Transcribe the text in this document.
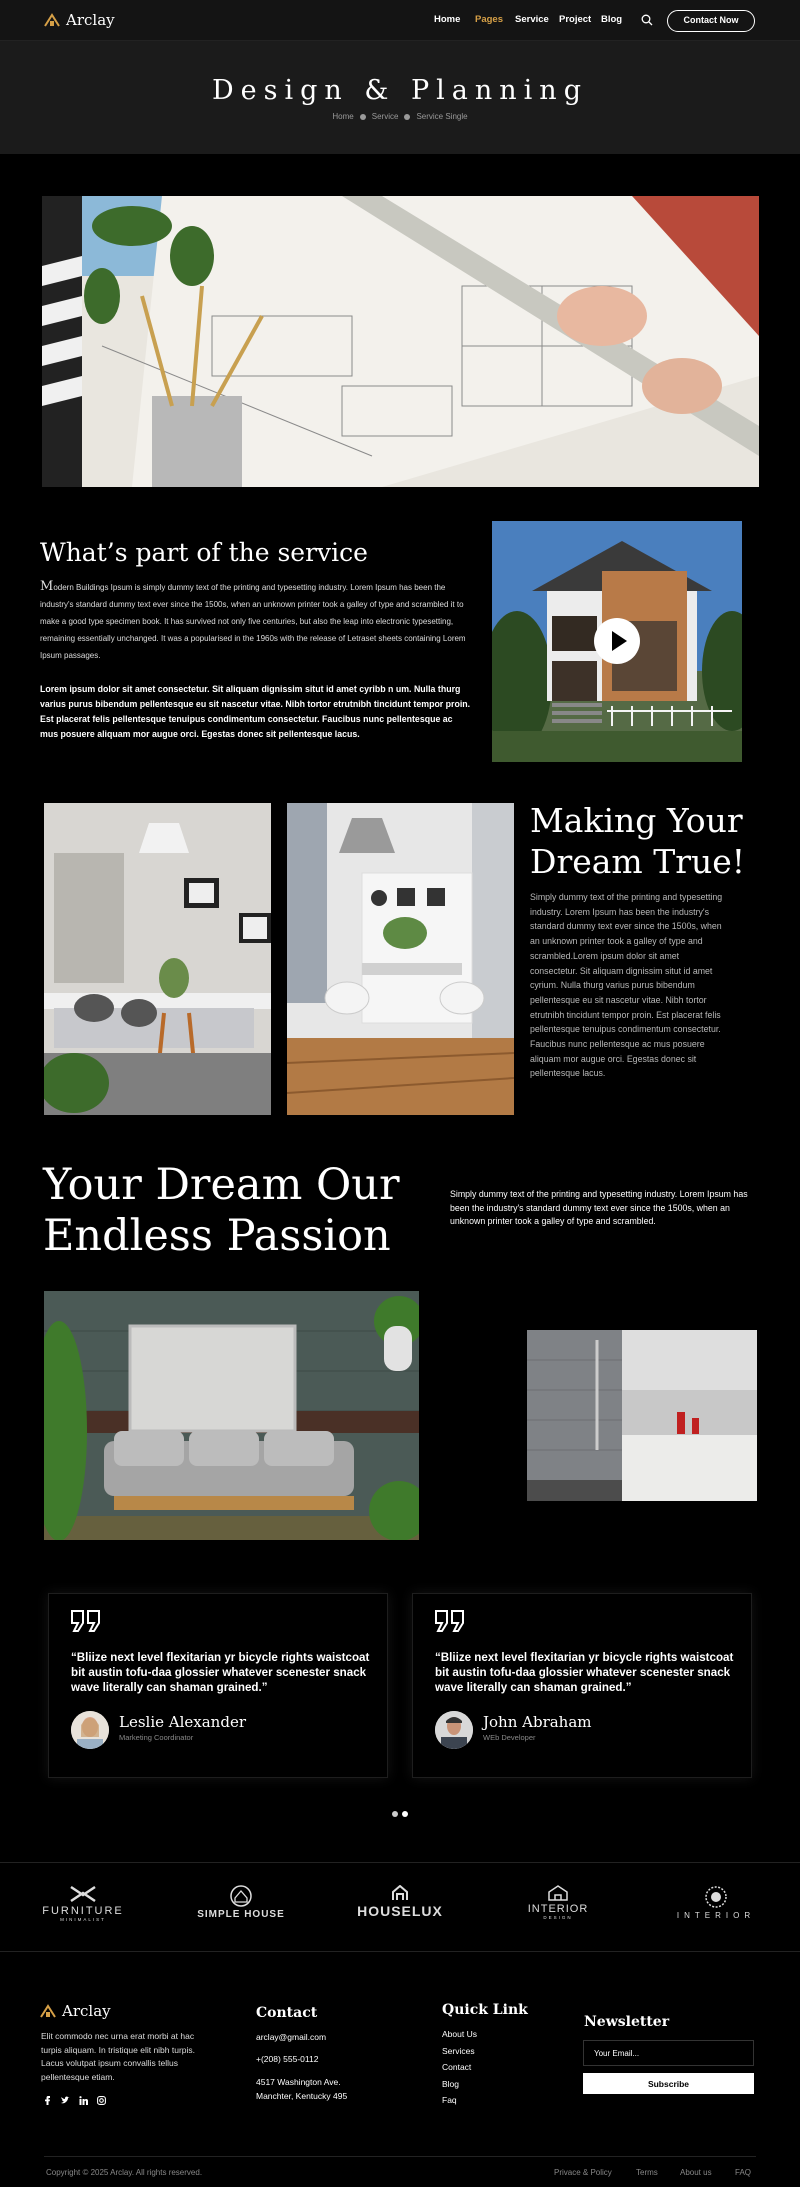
Arclay	Home	Pages	Service	Project	Blog	Contact Now
Design & Planning
Home Service Service Single
What’s part of the service

Modern Buildings Ipsum is simply dummy text of the printing and typesetting industry. Lorem Ipsum has been the industry's standard dummy text ever since the 1500s, when an unknown printer took a galley of type and scrambled it to make a good type specimen book. It has survived not only five centuries, but also the leap into electronic typesetting, remaining essentially unchanged. It was a popularised in the 1960s with the release of Letraset sheets containing Lorem Ipsum passages.

Lorem ipsum dolor sit amet consectetur. Sit aliquam dignissim situt id amet cyribb n um. Nulla thurg varius purus bibendum pellentesque eu sit nascetur vitae. Nibh tortor etrutnibh tincidunt tempor proin. Est placerat felis pellentesque tenuipus condimentum consectetur. Faucibus nunc pellentesque ac mus posuere aliquam mor augue orci. Egestas donec sit pellentesque lacus.

Making Your
Dream True!

Simply dummy text of the printing and typesetting industry. Lorem Ipsum has been the industry's standard dummy text ever since the 1500s, when an unknown printer took a galley of type and scrambled.Lorem ipsum dolor sit amet consectetur. Sit aliquam dignissim situt id amet cyrium. Nulla thurg varius purus bibendum pellentesque eu sit nascetur vitae. Nibh tortor etrutnibh tincidunt tempor proin. Est placerat felis pellentesque tenuipus condimentum consectetur. Faucibus nunc pellentesque ac mus posuere aliquam mor augue orci. Egestas donec sit pellentesque lacus.

Your Dream Our
Endless Passion

Simply dummy text of the printing and typesetting industry. Lorem Ipsum has been the industry's standard dummy text ever since the 1500s, when an unknown printer took a galley of type and scrambled.

“Bliize next level flexitarian yr bicycle rights waistcoat bit austin tofu-daa glossier whatever scenester snack wave literally can shaman grained.”

Leslie Alexander
Marketing Coordinator

“Bliize next level flexitarian yr bicycle rights waistcoat bit austin tofu-daa glossier whatever scenester snack wave literally can shaman grained.”

John Abraham
WEb Developer
FURNITURE
MINIMALIST	SIMPLE HOUSE	HOUSELUX	INTERIOR
DESIGN	INTERIOR
Arclay

Elit commodo nec urna erat morbi at hac turpis aliquam. In tristique elit nibh turpis. Lacus volutpat ipsum convallis tellus pellentesque etiam.

Contact
arclay@gmail.com
+(208) 555-0112
4517 Washington Ave.
Manchter, Kentucky 495
Quick Link
About Us
Services
Contact
Blog
Faq
Newsletter
Your Email...
Subscribe
Copyright © 2025 Arclay. All rights reserved.	Privace & Policy	Terms	About us	FAQ
